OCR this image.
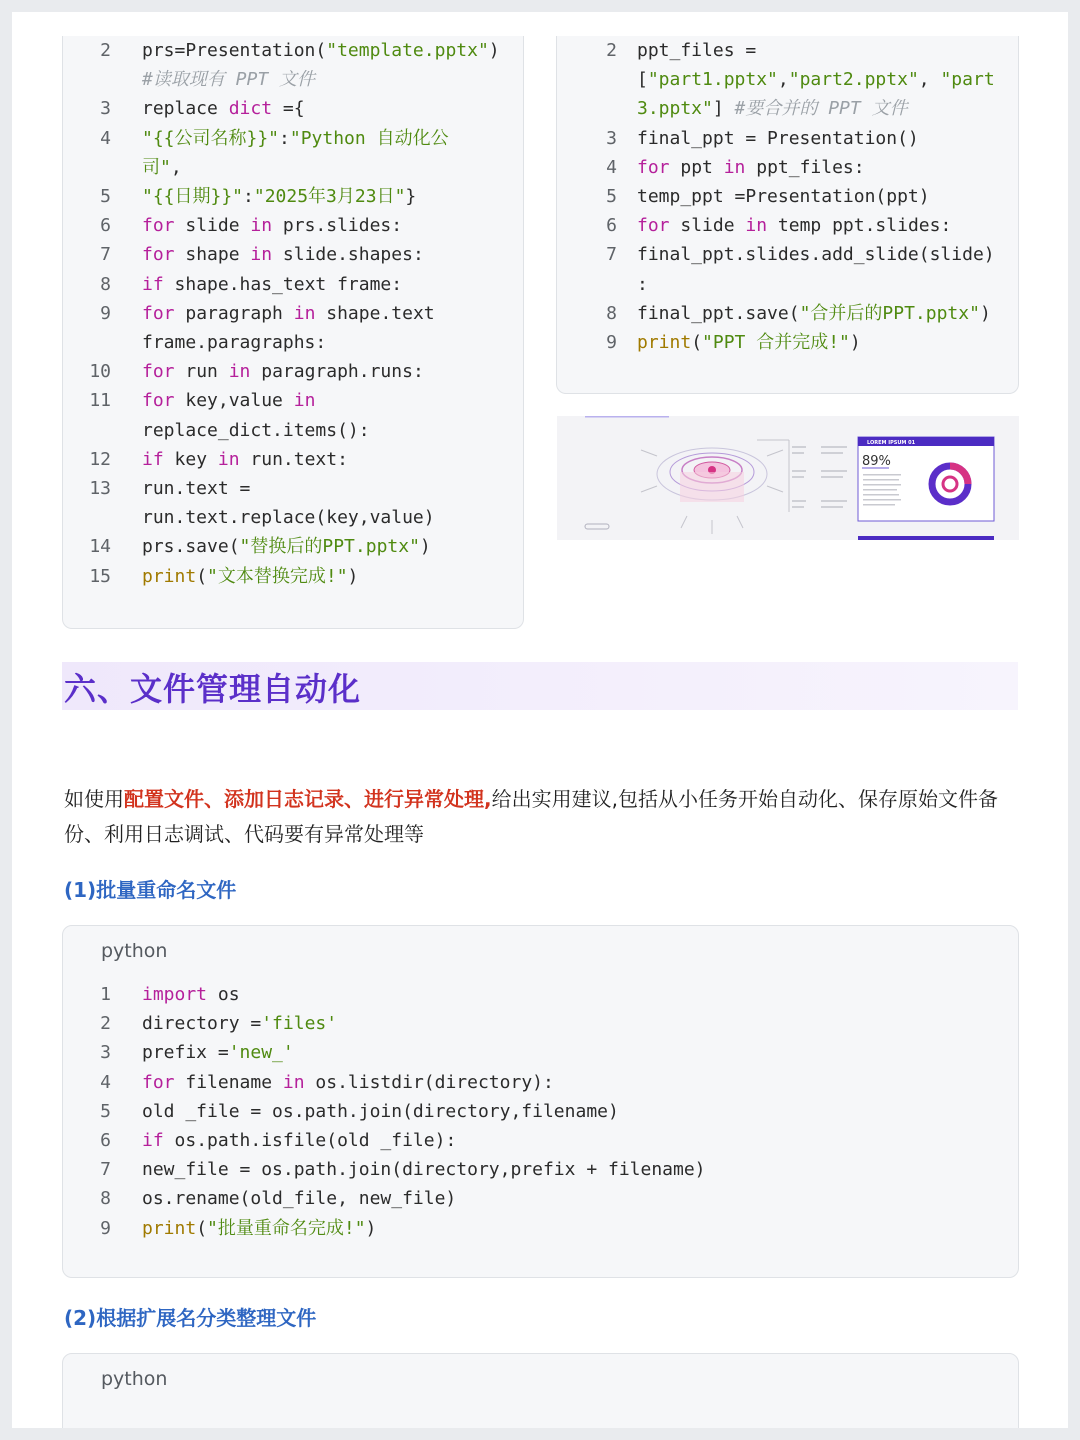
2 prs=Presentation("template.pptx")
#读取现有 PPT 文件
3 replace dict ={
4 "{{公司名称}}":"Python 自动化公
司",
5 "{{日期}}":"2025年3月23日"}
6 for slide in prs.slides:
7 for shape in slide.shapes:
8 if shape.has_text frame:
9 for paragraph in shape.text
frame.paragraphs:
10 for run in paragraph.runs:
11 for key,value in
replace_dict.items():
12 if key in run.text:
13 run.text =
run.text.replace(key,value)
14 prs.save("替换后的PPT.pptx")
15 print("文本替换完成!")
2 ppt_files =
["part1.pptx","part2.pptx", "part
3.pptx"] #要合并的 PPT 文件
3 final_ppt = Presentation()
4 for ppt in ppt_files:
5 temp_ppt =Presentation(ppt)
6 for slide in temp ppt.slides:
7 final_ppt.slides.add_slide(slide)
:
8 final_ppt.save("合并后的PPT.pptx")
9 print("PPT 合并完成!")
LOREM IPSUM 01
89%
六、文件管理自动化
如使用配置文件、添加日志记录、进行异常处理,给出实用建议,包括从小任务开始自动化、保存原始文件备份、利用日志调试、代码要有异常处理等
(1)批量重命名文件
python
1 import os
2 directory ='files'
3 prefix ='new_'
4 for filename in os.listdir(directory):
5 old _file = os.path.join(directory,filename)
6 if os.path.isfile(old _file):
7 new_file = os.path.join(directory,prefix + filename)
8 os.rename(old_file, new_file)
9 print("批量重命名完成!")
(2)根据扩展名分类整理文件
python
